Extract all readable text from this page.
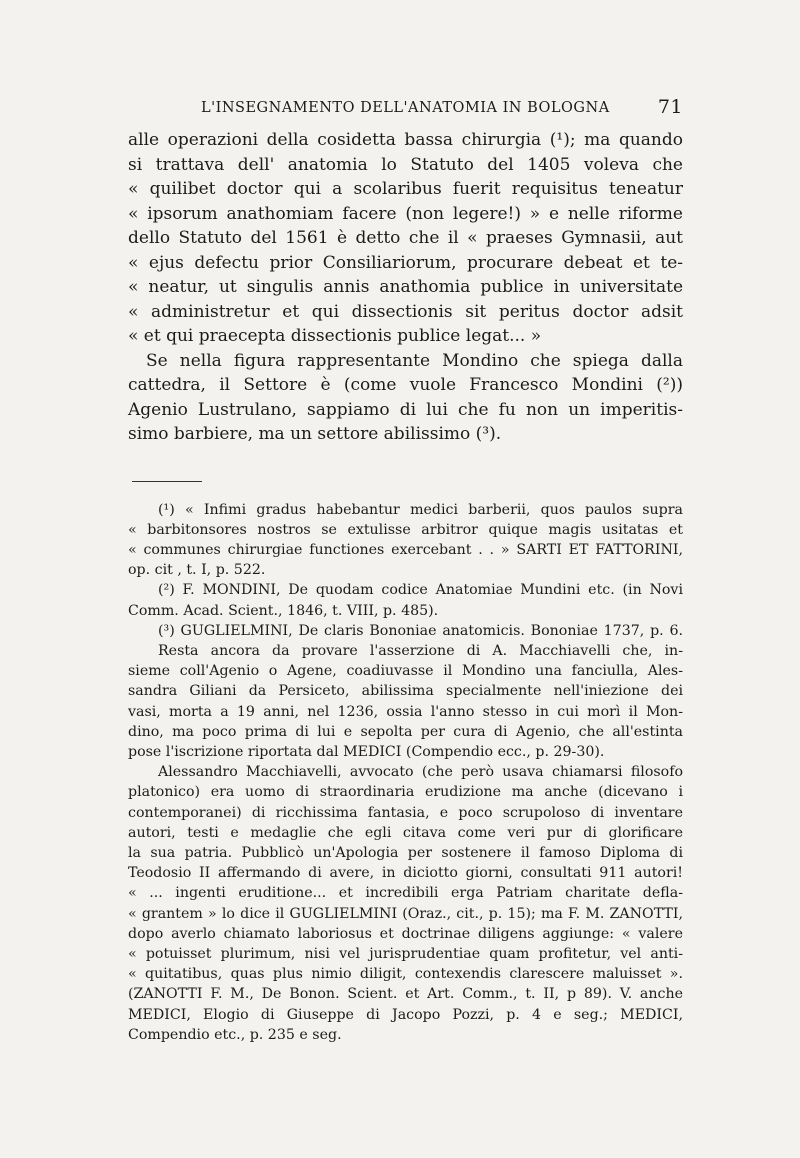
L'INSEGNAMENTO DELL'ANATOMIA IN BOLOGNA	71
alle operazioni della cosidetta bassa chirurgia (¹); ma quando
si trattava dell' anatomia lo Statuto del 1405 voleva che
« quilibet doctor qui a scolaribus fuerit requisitus teneatur
« ipsorum anathomiam facere (non legere!) » e nelle riforme
dello Statuto del 1561 è detto che il « praeses Gymnasii, aut
« ejus defectu prior Consiliariorum, procurare debeat et te-
« neatur, ut singulis annis anathomia publice in universitate
« administretur et qui dissectionis sit peritus doctor adsit
« et qui praecepta dissectionis publice legat... »
Se nella figura rappresentante Mondino che spiega dalla
cattedra, il Settore è (come vuole Francesco Mondini (²))
Agenio Lustrulano, sappiamo di lui che fu non un imperitis-
simo barbiere, ma un settore abilissimo (³).
(¹) « Infimi gradus habebantur medici barberii, quos paulos supra
« barbitonsores nostros se extulisse arbitror quique magis usitatas et
« communes chirurgiae functiones exercebant . . » SARTI ET FATTORINI,
op. cit , t. I, p. 522.
(²) F. MONDINI, De quodam codice Anatomiae Mundini etc. (in Novi
Comm. Acad. Scient., 1846, t. VIII, p. 485).
(³) GUGLIELMINI, De claris Bononiae anatomicis. Bononiae 1737, p. 6.
Resta ancora da provare l'asserzione di A. Macchiavelli che, in-
sieme coll'Agenio o Agene, coadiuvasse il Mondino una fanciulla, Ales-
sandra Giliani da Persiceto, abilissima specialmente nell'iniezione dei
vasi, morta a 19 anni, nel 1236, ossia l'anno stesso in cui morì il Mon-
dino, ma poco prima di lui e sepolta per cura di Agenio, che all'estinta
pose l'iscrizione riportata dal MEDICI (Compendio ecc., p. 29-30).
Alessandro Macchiavelli, avvocato (che però usava chiamarsi filosofo
platonico) era uomo di straordinaria erudizione ma anche (dicevano i
contemporanei) di ricchissima fantasia, e poco scrupoloso di inventare
autori, testi e medaglie che egli citava come veri pur di glorificare
la sua patria. Pubblicò un'Apologia per sostenere il famoso Diploma di
Teodosio II affermando di avere, in diciotto giorni, consultati 911 autori!
« ... ingenti eruditione... et incredibili erga Patriam charitate defla-
« grantem » lo dice il GUGLIELMINI (Oraz., cit., p. 15); ma F. M. ZANOTTI,
dopo averlo chiamato laboriosus et doctrinae diligens aggiunge: « valere
« potuisset plurimum, nisi vel jurisprudentiae quam profitetur, vel anti-
« quitatibus, quas plus nimio diligit, contexendis clarescere maluisset ».
(ZANOTTI F. M., De Bonon. Scient. et Art. Comm., t. II, p 89). V. anche
MEDICI, Elogio di Giuseppe di Jacopo Pozzi, p. 4 e seg.; MEDICI,
Compendio etc., p. 235 e seg.
